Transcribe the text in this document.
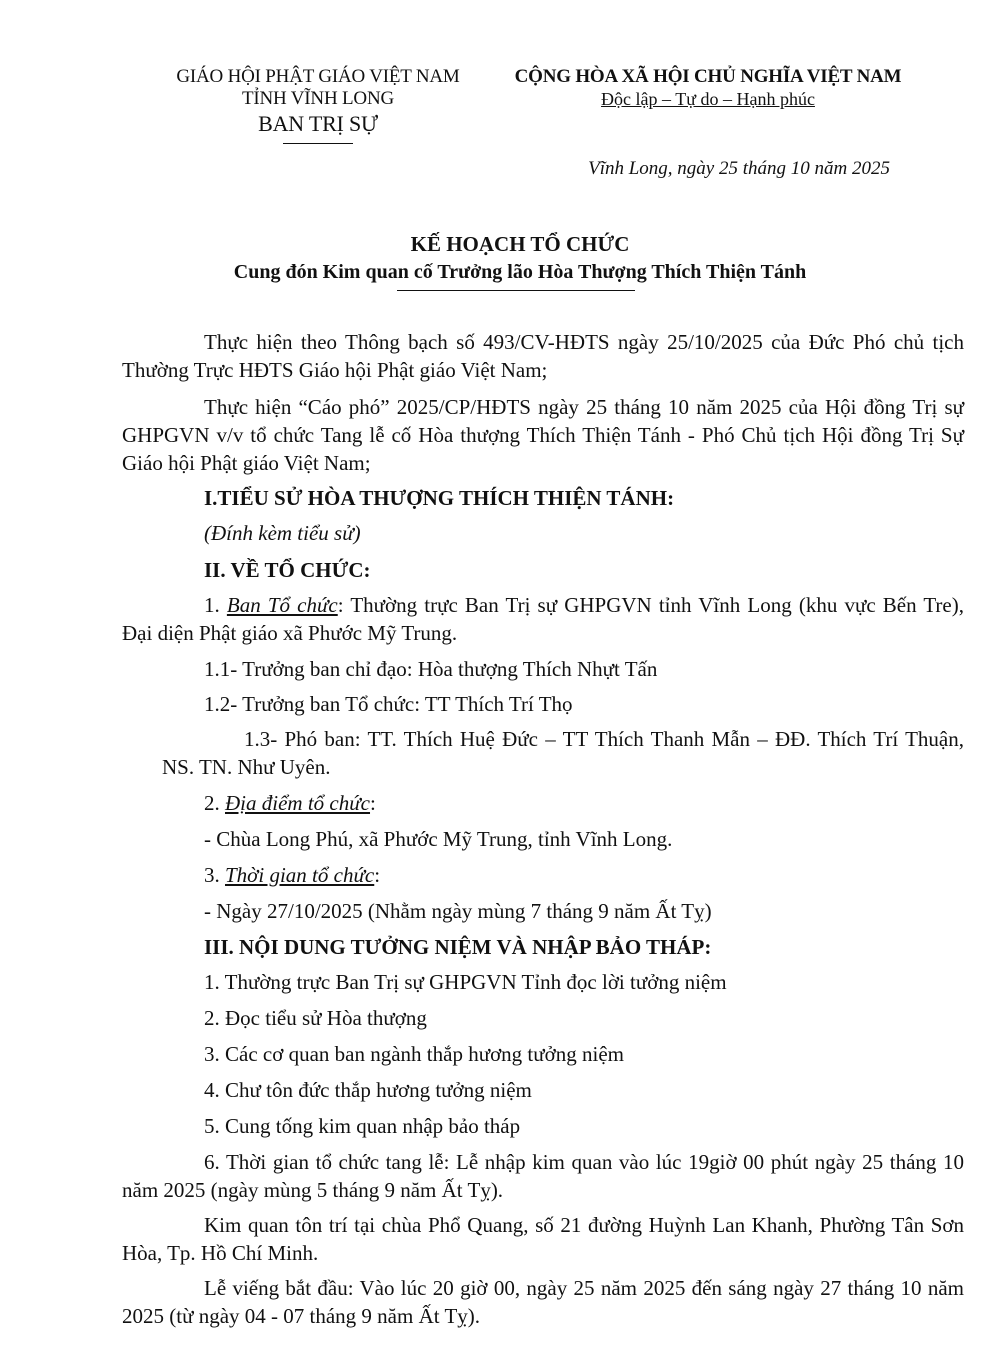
GIÁO HỘI PHẬT GIÁO VIỆT NAM
TỈNH VĨNH LONG
BAN TRỊ SỰ
CỘNG HÒA XÃ HỘI CHỦ NGHĨA VIỆT NAM
Độc lập – Tự do – Hạnh phúc
Vĩnh Long, ngày 25 tháng 10 năm 2025
KẾ HOẠCH TỔ CHỨC
Cung đón Kim quan cố Trưởng lão Hòa Thượng Thích Thiện Tánh
Thực hiện theo Thông bạch số 493/CV-HĐTS ngày 25/10/2025 của Đức Phó chủ tịch Thường Trực HĐTS Giáo hội Phật giáo Việt Nam;
Thực hiện “Cáo phó” 2025/CP/HĐTS ngày 25 tháng 10 năm 2025 của Hội đồng Trị sự GHPGVN v/v tổ chức Tang lễ cố Hòa thượng Thích Thiện Tánh - Phó Chủ tịch Hội đồng Trị Sự Giáo hội Phật giáo Việt Nam;
I.TIỂU SỬ HÒA THƯỢNG THÍCH THIỆN TÁNH:
(Đính kèm tiểu sử)
II. VỀ TỔ CHỨC:
1. Ban Tổ chức: Thường trực Ban Trị sự GHPGVN tỉnh Vĩnh Long (khu vực Bến Tre), Đại diện Phật giáo xã Phước Mỹ Trung.
1.1- Trưởng ban chỉ đạo: Hòa thượng Thích Nhựt Tấn
1.2- Trưởng ban Tổ chức: TT Thích Trí Thọ
1.3- Phó ban: TT. Thích Huệ Đức – TT Thích Thanh Mẫn – ĐĐ. Thích Trí Thuận, NS. TN. Như Uyên.
2. Địa điểm tổ chức:
- Chùa Long Phú, xã Phước Mỹ Trung, tỉnh Vĩnh Long.
3. Thời gian tổ chức:
- Ngày 27/10/2025 (Nhằm ngày mùng 7 tháng 9 năm Ất Tỵ)
III. NỘI DUNG TƯỞNG NIỆM VÀ NHẬP BẢO THÁP:
1. Thường trực Ban Trị sự GHPGVN Tỉnh đọc lời tưởng niệm
2. Đọc tiểu sử Hòa thượng
3. Các cơ quan ban ngành thắp hương tưởng niệm
4. Chư tôn đức thắp hương tưởng niệm
5. Cung tống kim quan nhập bảo tháp
6. Thời gian tổ chức tang lễ: Lễ nhập kim quan vào lúc 19giờ 00 phút ngày 25 tháng 10 năm 2025 (ngày mùng 5 tháng 9 năm Ất Tỵ).
Kim quan tôn trí tại chùa Phổ Quang, số 21 đường Huỳnh Lan Khanh, Phường Tân Sơn Hòa, Tp. Hồ Chí Minh.
Lễ viếng bắt đầu: Vào lúc 20 giờ 00, ngày 25 năm 2025 đến sáng ngày 27 tháng 10 năm 2025 (từ ngày 04 - 07 tháng 9 năm Ất Tỵ).
